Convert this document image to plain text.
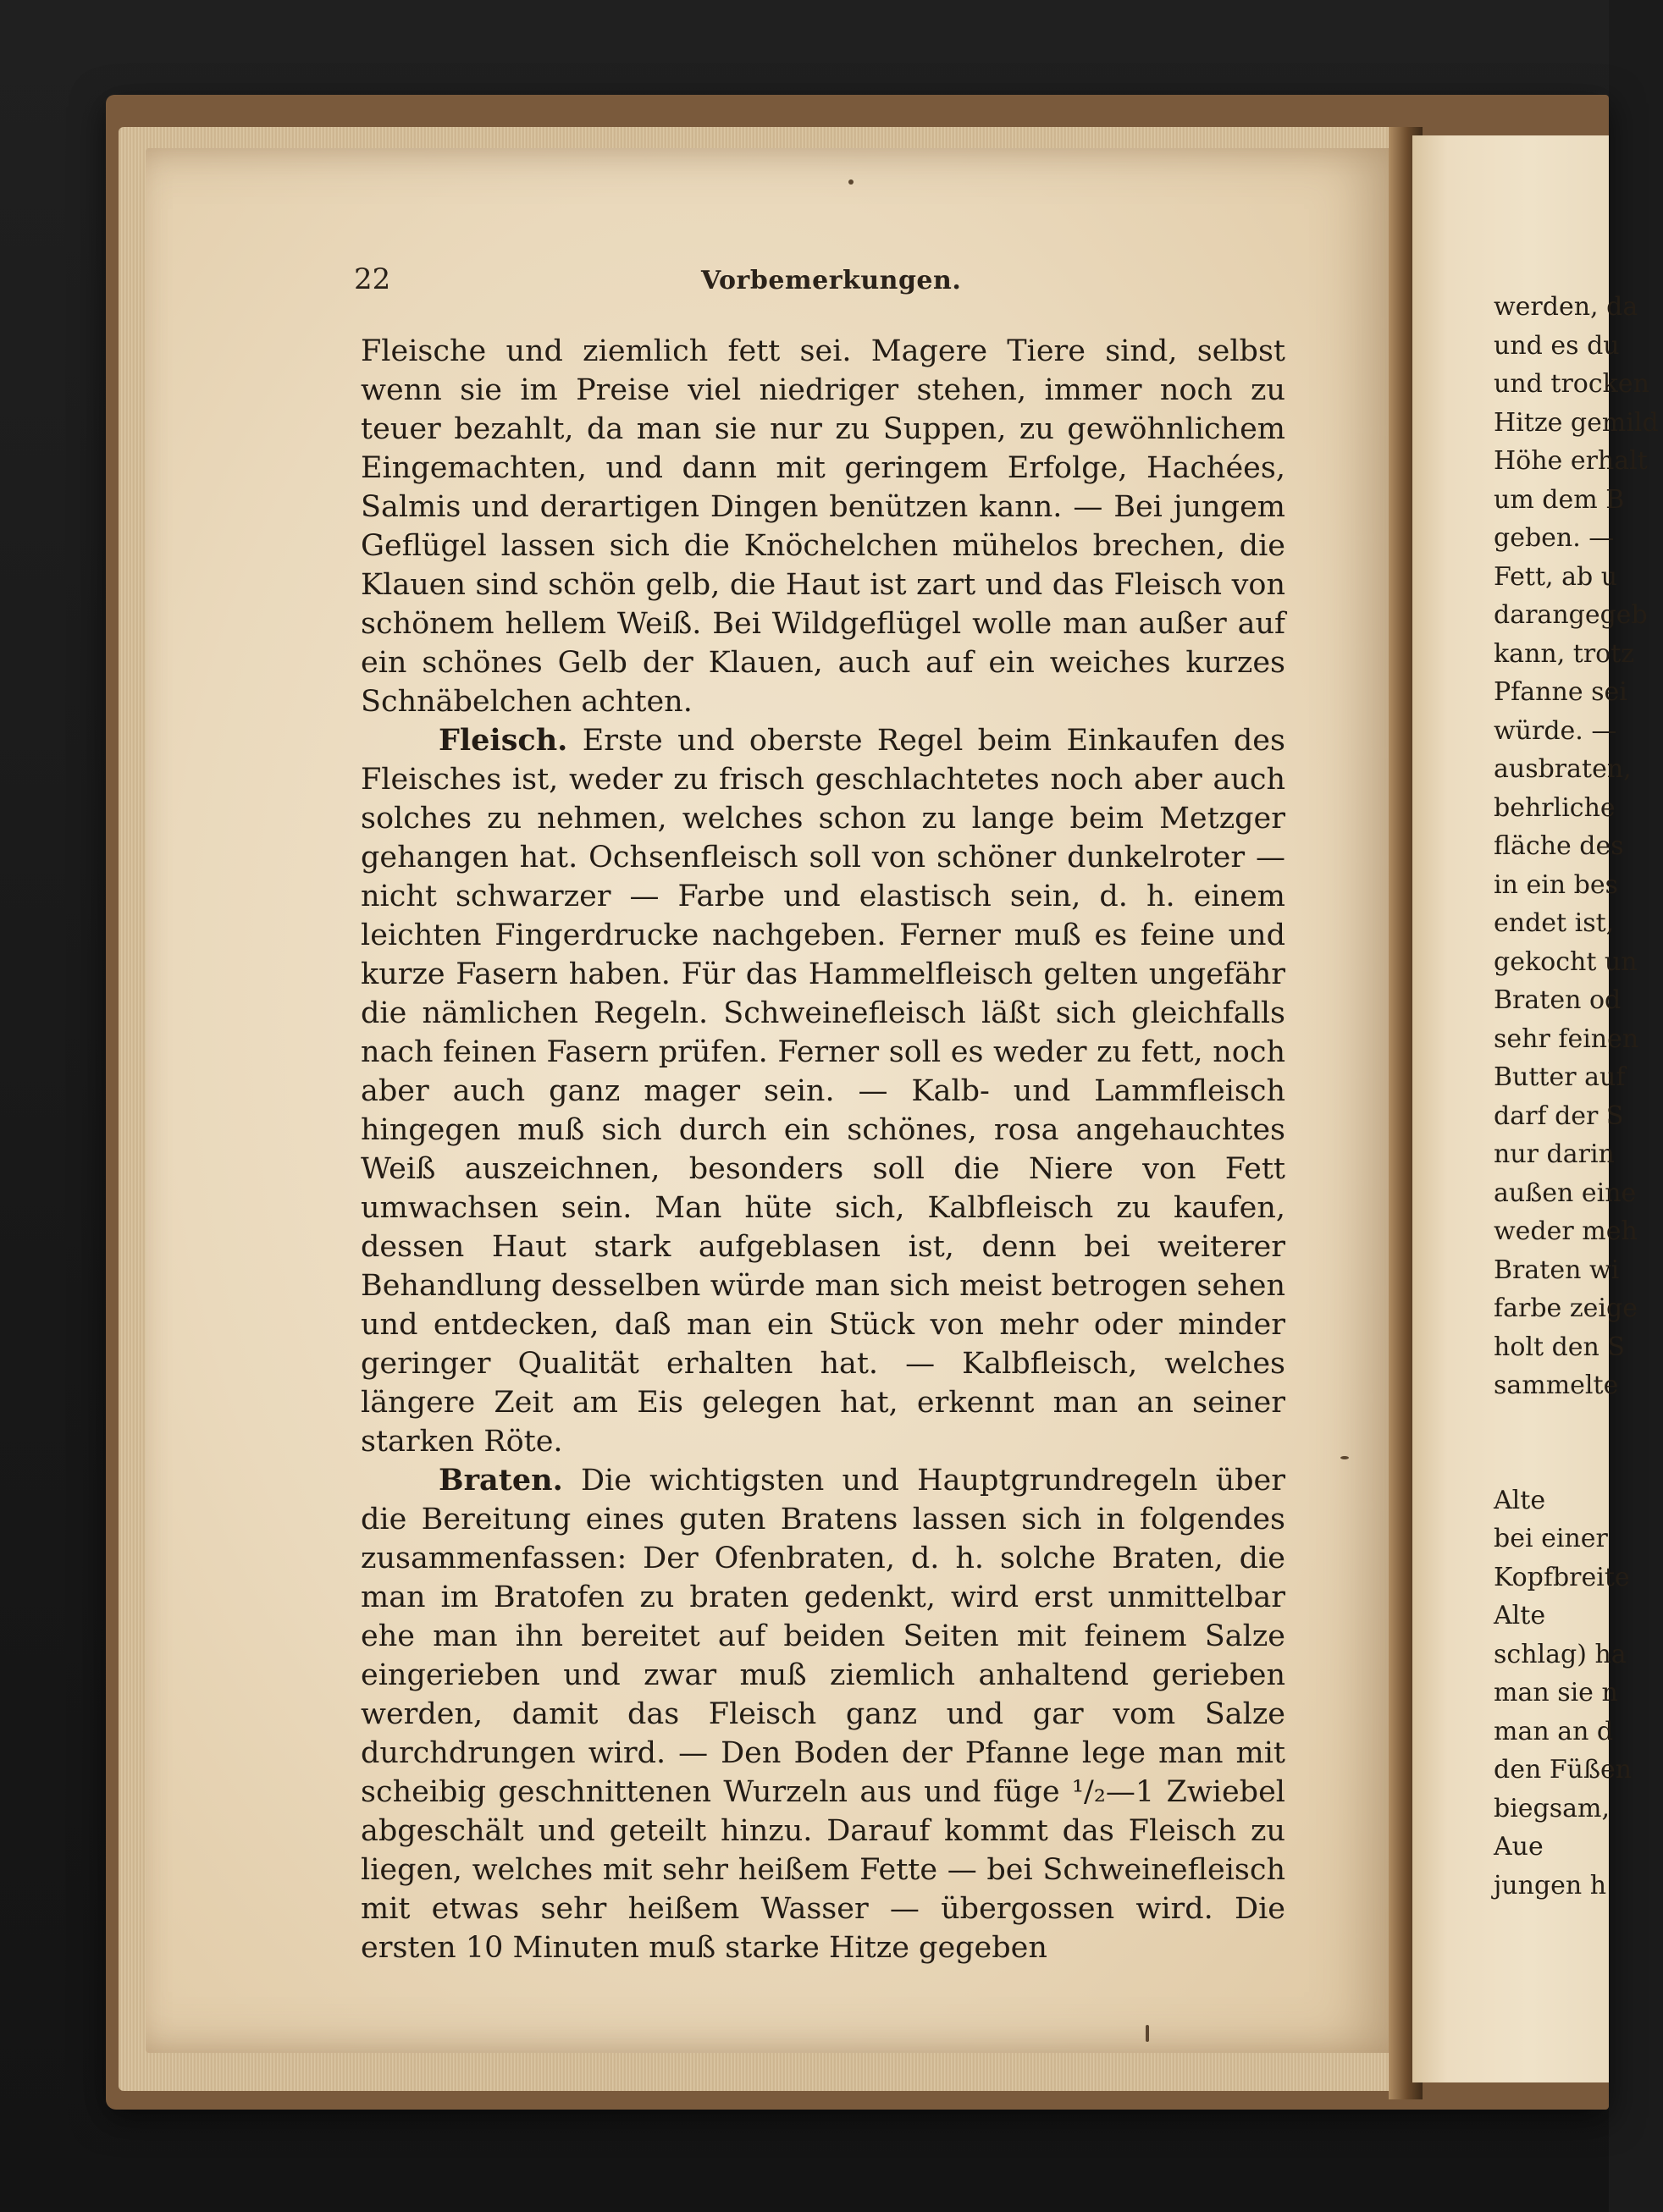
22	Vorbemerkungen.

Fleische und ziemlich fett sei. Magere Tiere sind, selbst wenn sie im Preise viel niedriger stehen, immer noch zu teuer bezahlt, da man sie nur zu Suppen, zu gewöhnlichem Eingemachten, und dann mit geringem Erfolge, Hachées, Salmis und derartigen Dingen benützen kann. — Bei jungem Geflügel lassen sich die Knöchelchen mühelos brechen, die Klauen sind schön gelb, die Haut ist zart und das Fleisch von schönem hellem Weiß. Bei Wildgeflügel wolle man außer auf ein schönes Gelb der Klauen, auch auf ein weiches kurzes Schnäbelchen achten.

Fleisch. Erste und oberste Regel beim Einkaufen des Fleisches ist, weder zu frisch geschlachtetes noch aber auch solches zu nehmen, welches schon zu lange beim Metzger gehangen hat. Ochsenfleisch soll von schöner dunkelroter — nicht schwarzer — Farbe und elastisch sein, d. h. einem leichten Fingerdrucke nachgeben. Ferner muß es feine und kurze Fasern haben. Für das Hammelfleisch gelten ungefähr die nämlichen Regeln. Schweinefleisch läßt sich gleichfalls nach feinen Fasern prüfen. Ferner soll es weder zu fett, noch aber auch ganz mager sein. — Kalb- und Lammfleisch hingegen muß sich durch ein schönes, rosa angehauchtes Weiß auszeichnen, besonders soll die Niere von Fett umwachsen sein. Man hüte sich, Kalbfleisch zu kaufen, dessen Haut stark aufgeblasen ist, denn bei weiterer Behandlung desselben würde man sich meist betrogen sehen und entdecken, daß man ein Stück von mehr oder minder geringer Qualität erhalten hat. — Kalbfleisch, welches längere Zeit am Eis gelegen hat, erkennt man an seiner starken Röte.

Braten. Die wichtigsten und Hauptgrundregeln über die Bereitung eines guten Bratens lassen sich in folgendes zusammenfassen: Der Ofenbraten, d. h. solche Braten, die man im Bratofen zu braten gedenkt, wird erst unmittelbar ehe man ihn bereitet auf beiden Seiten mit feinem Salze eingerieben und zwar muß ziemlich anhaltend gerieben werden, damit das Fleisch ganz und gar vom Salze durchdrungen wird. — Den Boden der Pfanne lege man mit scheibig geschnittenen Wurzeln aus und füge ¹/₂—1 Zwiebel abgeschält und geteilt hinzu. Darauf kommt das Fleisch zu liegen, welches mit sehr heißem Fette — bei Schweinefleisch mit etwas sehr heißem Wasser — übergossen wird. Die ersten 10 Minuten muß starke Hitze gegeben

werden, da
und es du
und trocken
Hitze gemild
Höhe erhalt
um dem B
geben. —
Fett, ab u
darangegeb
kann, trotz
Pfanne sei
würde. —
ausbraten,
behrliche
fläche des
in ein bes
endet ist,
gekocht un
Braten od
sehr feinen
Butter auf
darf der S
nur darin
außen eine
weder meh
Braten wi
farbe zeige
holt den S
sammelte
Alte
bei einer
Kopfbreite
Alte
schlag) ha
man sie n
man an d
den Füßen
biegsam,
Aue
jungen h
